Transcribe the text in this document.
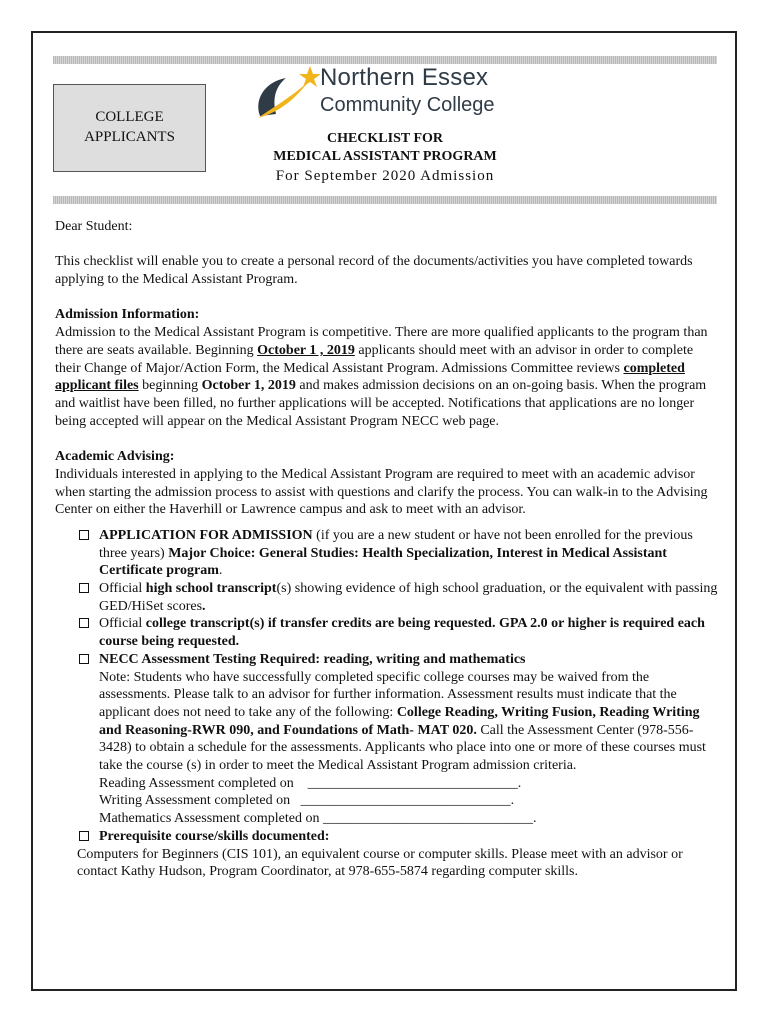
COLLEGE
APPLICANTS
Northern Essex
Community College
CHECKLIST FOR
MEDICAL ASSISTANT PROGRAM
For September 2020 Admission

Dear Student:

This checklist will enable you to create a personal record of the documents/activities you have completed towards applying to the Medical Assistant Program.

Admission Information:
Admission to the Medical Assistant Program is competitive. There are more qualified applicants to the program than there are seats available. Beginning October 1 , 2019 applicants should meet with an advisor in order to complete their Change of Major/Action Form, the Medical Assistant Program. Admissions Committee reviews completed applicant files beginning October 1, 2019 and makes admission decisions on an on-going basis. When the program and waitlist have been filled, no further applications will be accepted. Notifications that applications are no longer being accepted will appear on the Medical Assistant Program NECC web page.

Academic Advising:
Individuals interested in applying to the Medical Assistant Program are required to meet with an academic advisor when starting the admission process to assist with questions and clarify the process. You can walk-in to the Advising Center on either the Haverhill or Lawrence campus and ask to meet with an advisor.

APPLICATION FOR ADMISSION (if you are a new student or have not been enrolled for the previous three years) Major Choice: General Studies: Health Specialization, Interest in Medical Assistant Certificate program.
Official high school transcript(s) showing evidence of high school graduation, or the equivalent with passing GED/HiSet scores.
Official college transcript(s) if transfer credits are being requested. GPA 2.0 or higher is required each course being requested.
NECC Assessment Testing Required: reading, writing and mathematics
Note: Students who have successfully completed specific college courses may be waived from the assessments. Please talk to an advisor for further information. Assessment results must indicate that the applicant does not need to take any of the following: College Reading, Writing Fusion, Reading Writing and Reasoning-RWR 090, and Foundations of Math- MAT 020. Call the Assessment Center (978-556-3428) to obtain a schedule for the assessments. Applicants who place into one or more of these courses must take the course (s) in order to meet the Medical Assistant Program admission criteria.
Reading Assessment completed on    ______________________________.
Writing Assessment completed on   ______________________________.
Mathematics Assessment completed on ______________________________.
Prerequisite course/skills documented:
Computers for Beginners (CIS 101), an equivalent course or computer skills. Please meet with an advisor or contact Kathy Hudson, Program Coordinator, at 978-655-5874 regarding computer skills.
